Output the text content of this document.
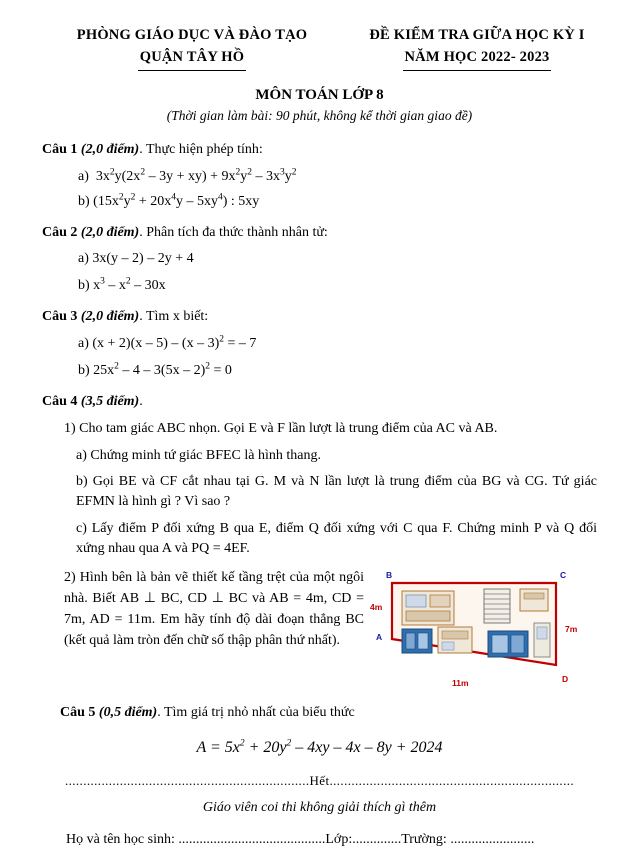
PHÒNG GIÁO DỤC VÀ ĐÀO TẠO
QUẬN TÂY HỒ
ĐỀ KIỂM TRA GIỮA HỌC KỲ I
NĂM HỌC 2022- 2023
MÔN TOÁN LỚP 8
(Thời gian làm bài: 90 phút, không kể thời gian giao đề)
Câu 1 (2,0 điểm). Thực hiện phép tính:
a)  $3x^2y(2x^2 - 3y + xy) + 9x^2y^2 - 3x^3y^2$
b) $(15x^2y^2 + 20x^4y - 5xy^4)$ : 5xy
Câu 2 (2,0 điểm). Phân tích đa thức thành nhân tử:
a) 3x(y – 2) – 2y + 4
b) $x^3 - x^2 - 30x$
Câu 3 (2,0 điểm). Tìm x biết:
a) (x + 2)(x – 5) – (x – 3)$^2$ = – 7
b) $25x^2 - 4 - 3(5x - 2)^2 = 0$
Câu 4 (3,5 điểm).
1) Cho tam giác ABC nhọn. Gọi E và F lần lượt là trung điểm của AC và AB.
a) Chứng minh tứ giác BFEC là hình thang.
b) Gọi BE và CF cắt nhau tại G. M và N lần lượt là trung điểm của BG và CG. Tứ giác EFMN là hình gì ? Vì sao ?
c) Lấy điểm P đối xứng B qua E, điểm Q đối xứng với C qua F. Chứng minh P và Q đối xứng nhau qua A và PQ = 4EF.
2) Hình bên là bản vẽ thiết kế tầng trệt của một ngôi nhà. Biết AB ⊥ BC, CD ⊥ BC và AB = 4m, CD = 7m, AD = 11m. Em hãy tính độ dài đoạn thẳng BC (kết quả làm tròn đến chữ số thập phân thứ nhất).
B	C
A
D
4m
7m
11m
Câu 5 (0,5 điểm). Tìm giá trị nhỏ nhất của biểu thức
$A = 5x^2 + 20y^2 - 4xy - 4x - 8y + 2024$
...................................................................Hết...................................................................
Giáo viên coi thi không giải thích gì thêm
Họ và tên học sinh: ..........................................Lớp:..............Trường: ........................
